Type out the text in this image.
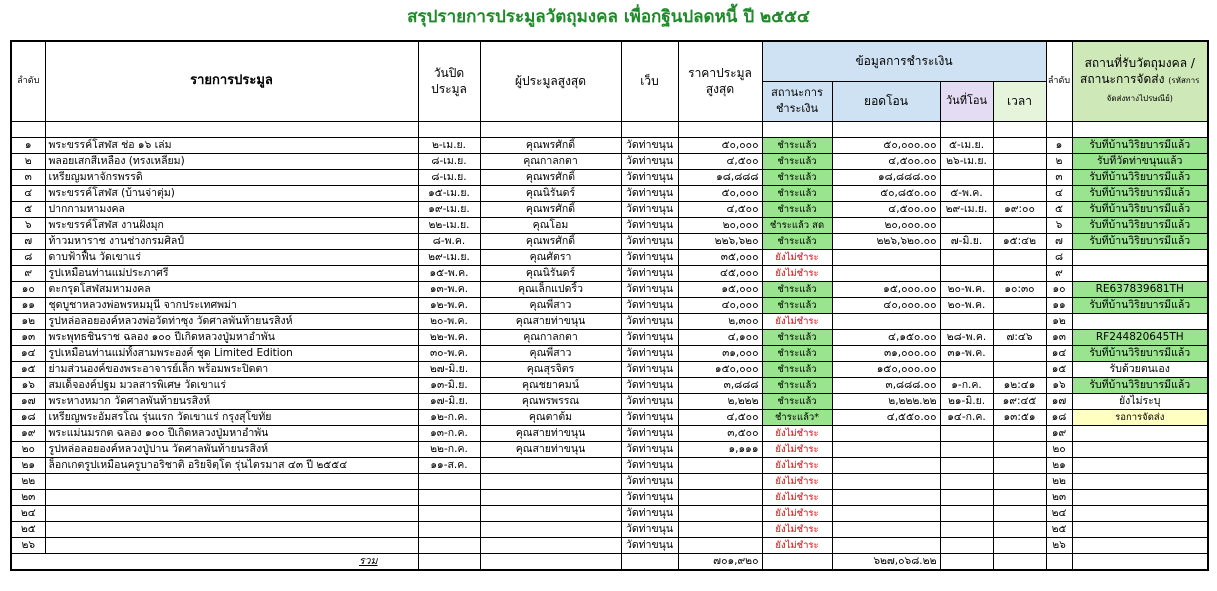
สรุปรายการประมูลวัตถุมงคล เพื่อกฐินปลดหนี้ ปี ๒๕๕๔
ลำดับ	รายการประมูล	วันปิดประมูล	ผู้ประมูลสูงสุด	เว็บ	ราคาประมูลสูงสุด	ข้อมูลการชำระเงิน				ลำดับ	สถานที่รับวัตถุมงคล / สถานะการจัดส่ง (รหัสการจัดส่งทางไปรษณีย์)
						สถานะการชำระเงิน	ยอดโอน	วันที่โอน	เวลา		

๑	พระขรรค์โสฬส ช่อ ๑๖ เล่ม	๒-เม.ย.	คุณพรศักดิ์	วัดท่าขนุน	๕๐,๐๐๐	ชำระแล้ว	๕๐,๐๐๐.๐๐	๕-เม.ย.		๑	รับที่บ้านวิริยบารมีแล้ว
๒	พลอยเสกสีเหลือง (ทรงเหลี่ยม)	๘-เม.ย.	คุณกาลกตา	วัดท่าขนุน	๔,๕๐๐	ชำระแล้ว	๔,๕๐๐.๐๐	๒๖-เม.ย.		๒	รับที่วัดท่าขนุนแล้ว
๓	เหรียญมหาจักรพรรดิ	๘-เม.ย.	คุณพรศักดิ์	วัดท่าขนุน	๑๘,๘๘๘	ชำระแล้ว	๑๘,๘๘๘.๐๐			๓	รับที่บ้านวิริยบารมีแล้ว
๔	พระขรรค์โสฬส (บ้านจ่าตุ่ม)	๑๕-เม.ย.	คุณนิรันดร์	วัดท่าขนุน	๕๐,๐๐๐	ชำระแล้ว	๕๐,๘๕๐.๐๐	๕-พ.ค.		๔	รับที่บ้านวิริยบารมีแล้ว
๕	ปากกามหามงคล	๑๙-เม.ย.	คุณพรศักดิ์	วัดท่าขนุน	๔,๕๐๐	ชำระแล้ว	๔,๕๐๐.๐๐	๒๙-เม.ย.	๑๙:๐๐	๕	รับที่บ้านวิริยบารมีแล้ว
๖	พระขรรค์โสฬส งานฝังมุก	๒๒-เม.ย.	คุณโอม	วัดท่าขนุน	๒๐,๐๐๐	ชำระแล้ว สด	๒๐,๐๐๐.๐๐			๖	รับที่บ้านวิริยบารมีแล้ว
๗	ท้าวมหาราช งานช่างกรมศิลป์	๘-พ.ค.	คุณพรศักดิ์	วัดท่าขนุน	๒๒๖,๖๒๐	ชำระแล้ว	๒๒๖,๖๒๐.๐๐	๗-มิ.ย.	๑๕:๔๒	๗	รับที่บ้านวิริยบารมีแล้ว
๘	ดาบฟ้าฟื้น วัดเขาแร่	๒๙-เม.ย.	คุณศัตรา	วัดท่าขนุน	๓๕,๐๐๐	ยังไม่ชำระ				๘	
๙	รูปเหมือนท่านแม่ประภาศรี	๑๕-พ.ค.	คุณนิรันดร์	วัดท่าขนุน	๔๕,๐๐๐	ยังไม่ชำระ				๙	
๑๐	ตะกรุดโสฬสมหามงคล	๑๓-พ.ค.	คุณเล็กแปดริ้ว	วัดท่าขนุน	๑๕,๐๐๐	ชำระแล้ว	๑๕,๐๐๐.๐๐	๒๐-พ.ค.	๑๐:๓๐	๑๐	RE637839681TH
๑๑	ชุดบูชาหลวงพ่อพรหมมุนี จากประเทศพม่า	๑๒-พ.ค.	คุณพี่สาว	วัดท่าขนุน	๔๐,๐๐๐	ชำระแล้ว	๔๐,๐๐๐.๐๐	๒๐-พ.ค.		๑๑	รับที่บ้านวิริยบารมีแล้ว
๑๒	รูปหล่อลอยองค์หลวงพ่อวัดท่าซุง วัดศาลพันท้ายนรสิงห์	๒๐-พ.ค.	คุณสายท่าขนุน	วัดท่าขนุน	๒,๓๐๐	ยังไม่ชำระ				๑๒	
๑๓	พระพุทธชินราช ฉลอง ๑๐๐ ปีเกิดหลวงปู่มหาอำพัน	๒๒-พ.ค.	คุณกาลกตา	วัดท่าขนุน	๔,๑๐๐	ชำระแล้ว	๔,๑๕๐.๐๐	๒๘-พ.ค.	๗:๔๖	๑๓	RF244820645TH
๑๔	รูปเหมือนท่านแม่ทั้งสามพระองค์ ชุด Limited Edition	๓๐-พ.ค.	คุณพี่สาว	วัดท่าขนุน	๓๑,๐๐๐	ชำระแล้ว	๓๑,๐๐๐.๐๐	๓๑-พ.ค.		๑๔	รับที่บ้านวิริยบารมีแล้ว
๑๕	ย่ามส่วนองค์ของพระอาจารย์เล็ก พร้อมพระปิดตา	๒๗-มิ.ย.	คุณสุรจิตร	วัดท่าขนุน	๑๕๐,๐๐๐	ชำระแล้ว	๑๕๐,๐๐๐.๐๐			๑๕	รับด้วยตนเอง
๑๖	สมเด็จองค์ปฐม มวลสารพิเศษ วัดเขาแร่	๑๓-มิ.ย.	คุณชยาคมน์	วัดท่าขนุน	๓,๘๘๘	ชำระแล้ว	๓,๘๘๘.๐๐	๑-ก.ค.	๑๒:๔๑	๑๖	รับที่บ้านวิริยบารมีแล้ว
๑๗	พระหางหมาก วัดศาลพันท้ายนรสิงห์	๑๗-มิ.ย.	คุณพรพรรณ	วัดท่าขนุน	๒,๒๒๒	ชำระแล้ว	๒,๒๒๒.๒๒	๒๑-มิ.ย.	๑๙:๔๕	๑๗	ยังไม่ระบุ
๑๘	เหรียญพระอัมสรโณ รุ่นแรก วัดเขาแร่ กรุงสุโขทัย	๑๒-ก.ค.	คุณตาต้ม	วัดท่าขนุน	๔,๕๐๐	ชำระแล้ว*	๔,๕๕๐.๐๐	๑๔-ก.ค.	๑๓:๕๑	๑๘	รอการจัดส่ง
๑๙	พระแม่นมรกต ฉลอง ๑๐๐ ปีเกิดหลวงปู่มหาอำพัน	๑๓-ก.ค.	คุณสายท่าขนุน	วัดท่าขนุน	๓,๕๐๐	ยังไม่ชำระ				๑๙	
๒๐	รูปหล่อลอยองค์หลวงปู่ปาน วัดศาลพันท้ายนรสิงห์	๒๒-ก.ค.	คุณสายท่าขนุน	วัดท่าขนุน	๑,๑๑๑	ยังไม่ชำระ				๒๐	
๒๑	ล็อกเกตรูปเหมือนครูบาอริชาติ อริยจิตฺโต รุ่นไตรมาส ๔๓ ปี ๒๕๕๔	๑๑-ส.ค.		วัดท่าขนุน		ยังไม่ชำระ				๒๑	
๒๒				วัดท่าขนุน		ยังไม่ชำระ				๒๒	
๒๓				วัดท่าขนุน		ยังไม่ชำระ				๒๓	
๒๔				วัดท่าขนุน		ยังไม่ชำระ				๒๔	
๒๕				วัดท่าขนุน		ยังไม่ชำระ				๒๕	
๒๖				วัดท่าขนุน		ยังไม่ชำระ				๒๖	
รวม					๗๐๑,๙๒๐		๖๒๗,๐๖๘.๒๒				
